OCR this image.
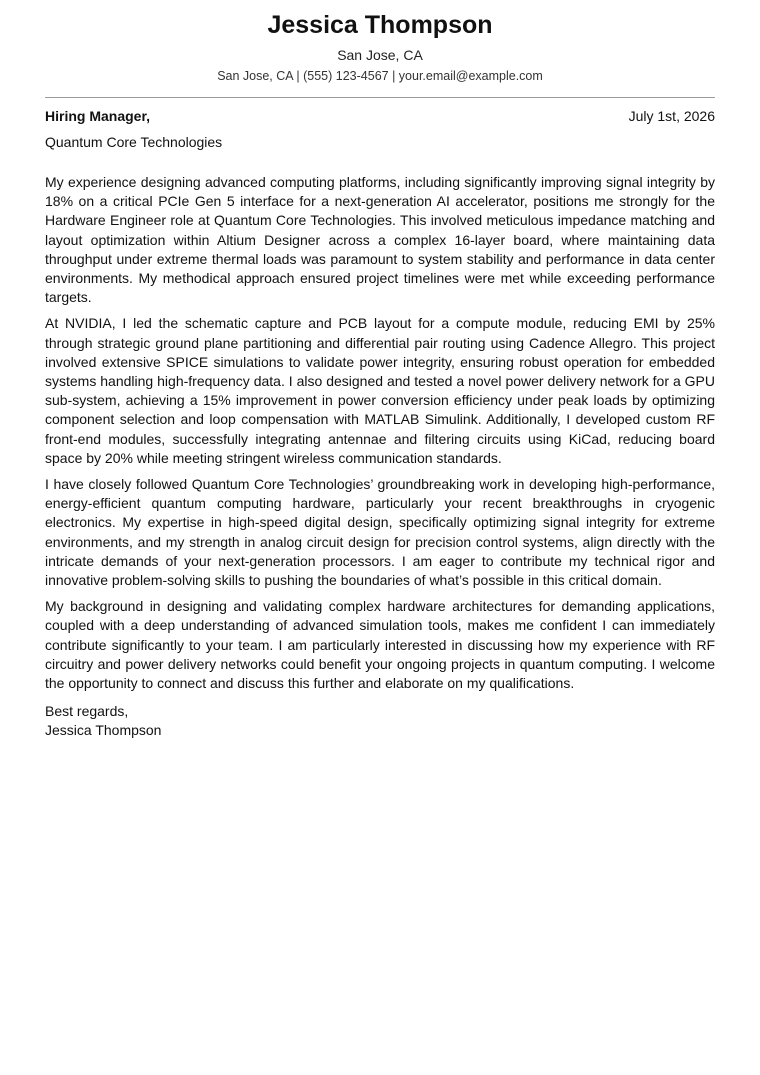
Jessica Thompson
San Jose, CA
San Jose, CA | (555) 123-4567 | your.email@example.com
Hiring Manager,	July 1st, 2026
Quantum Core Technologies

My experience designing advanced computing platforms, including significantly improving signal integrity by 18% on a critical PCIe Gen 5 interface for a next-generation AI accelerator, positions me strongly for the Hardware Engineer role at Quantum Core Technologies. This involved meticulous impedance matching and layout optimization within Altium Designer across a complex 16-layer board, where maintaining data throughput under extreme thermal loads was paramount to system stability and performance in data center environments. My methodical approach ensured project timelines were met while exceeding performance targets.

At NVIDIA, I led the schematic capture and PCB layout for a compute module, reducing EMI by 25% through strategic ground plane partitioning and differential pair routing using Cadence Allegro. This project involved extensive SPICE simulations to validate power integrity, ensuring robust operation for embedded systems handling high-frequency data. I also designed and tested a novel power delivery network for a GPU sub-system, achieving a 15% improvement in power conversion efficiency under peak loads by optimizing component selection and loop compensation with MATLAB Simulink. Additionally, I developed custom RF front-end modules, successfully integrating antennae and filtering circuits using KiCad, reducing board space by 20% while meeting stringent wireless communication standards.

I have closely followed Quantum Core Technologies’ groundbreaking work in developing high-performance, energy-efficient quantum computing hardware, particularly your recent breakthroughs in cryogenic electronics. My expertise in high-speed digital design, specifically optimizing signal integrity for extreme environments, and my strength in analog circuit design for precision control systems, align directly with the intricate demands of your next-generation processors. I am eager to contribute my technical rigor and innovative problem-solving skills to pushing the boundaries of what’s possible in this critical domain.

My background in designing and validating complex hardware architectures for demanding applications, coupled with a deep understanding of advanced simulation tools, makes me confident I can immediately contribute significantly to your team. I am particularly interested in discussing how my experience with RF circuitry and power delivery networks could benefit your ongoing projects in quantum computing. I welcome the opportunity to connect and discuss this further and elaborate on my qualifications.

Best regards,
Jessica Thompson
